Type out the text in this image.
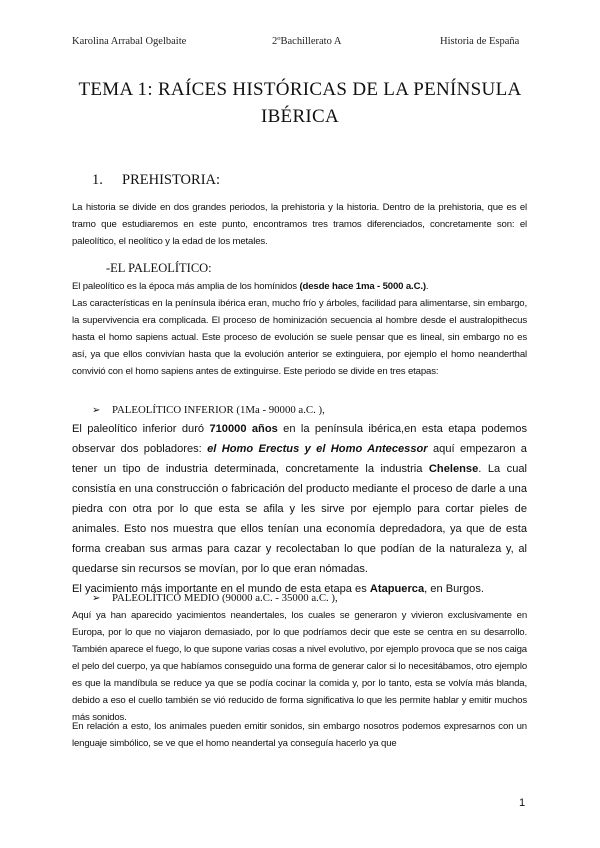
Karolina Arrabal Ogelbaite	2ºBachillerato A	Historia de España
TEMA 1: RAÍCES HISTÓRICAS DE LA PENÍNSULA
IBÉRICA
1. PREHISTORIA:
La historia se divide en dos grandes periodos, la prehistoria y la historia. Dentro de la prehistoria, que es el tramo que estudiaremos en este punto, encontramos tres tramos diferenciados, concretamente son: el paleolítico, el neolítico y la edad de los metales.
-EL PALEOLÍTICO:
El paleolítico es la época más amplia de los homínidos (desde hace 1ma - 5000 a.C.).
Las características en la península ibérica eran, mucho frío y árboles, facilidad para alimentarse, sin embargo, la supervivencia era complicada. El proceso de hominización secuencia al hombre desde el australopithecus hasta el homo sapiens actual. Este proceso de evolución se suele pensar que es lineal, sin embargo no es así, ya que ellos convivían hasta que la evolución anterior se extinguiera, por ejemplo el homo neanderthal convivió con el homo sapiens antes de extinguirse. Este periodo se divide en tres etapas:
➢ PALEOLÍTICO INFERIOR (1Ma - 90000 a.C. ),
El paleolítico inferior duró 710000 años en la península ibérica,en esta etapa podemos observar dos pobladores: el Homo Erectus y el Homo Antecessor aquí empezaron a tener un tipo de industria determinada, concretamente la industria Chelense. La cual consistía en una construcción o fabricación del producto mediante el proceso de darle a una piedra con otra por lo que esta se afila y les sirve por ejemplo para cortar pieles de animales. Esto nos muestra que ellos tenían una economía depredadora, ya que de esta forma creaban sus armas para cazar y recolectaban lo que podían de la naturaleza y, al quedarse sin recursos se movían, por lo que eran nómadas.
El yacimiento más importante en el mundo de esta etapa es Atapuerca, en Burgos.
➢ PALEOLÍTICO MEDIO (90000 a.C. - 35000 a.C. ),
Aquí ya han aparecido yacimientos neandertales, los cuales se generaron y vivieron exclusivamente en Europa, por lo que no viajaron demasiado, por lo que podríamos decir que este se centra en su desarrollo. También aparece el fuego, lo que supone varias cosas a nivel evolutivo, por ejemplo provoca que se nos caiga el pelo del cuerpo, ya que habíamos conseguido una forma de generar calor si lo necesitábamos, otro ejemplo es que la mandíbula se reduce ya que se podía cocinar la comida y, por lo tanto, esta se volvía más blanda, debido a eso el cuello también se vió reducido de forma significativa lo que les permite hablar y emitir muchos más sonidos.
En relación a esto, los animales pueden emitir sonidos, sin embargo nosotros podemos expresarnos con un lenguaje simbólico, se ve que el homo neandertal ya conseguía hacerlo ya que
1
